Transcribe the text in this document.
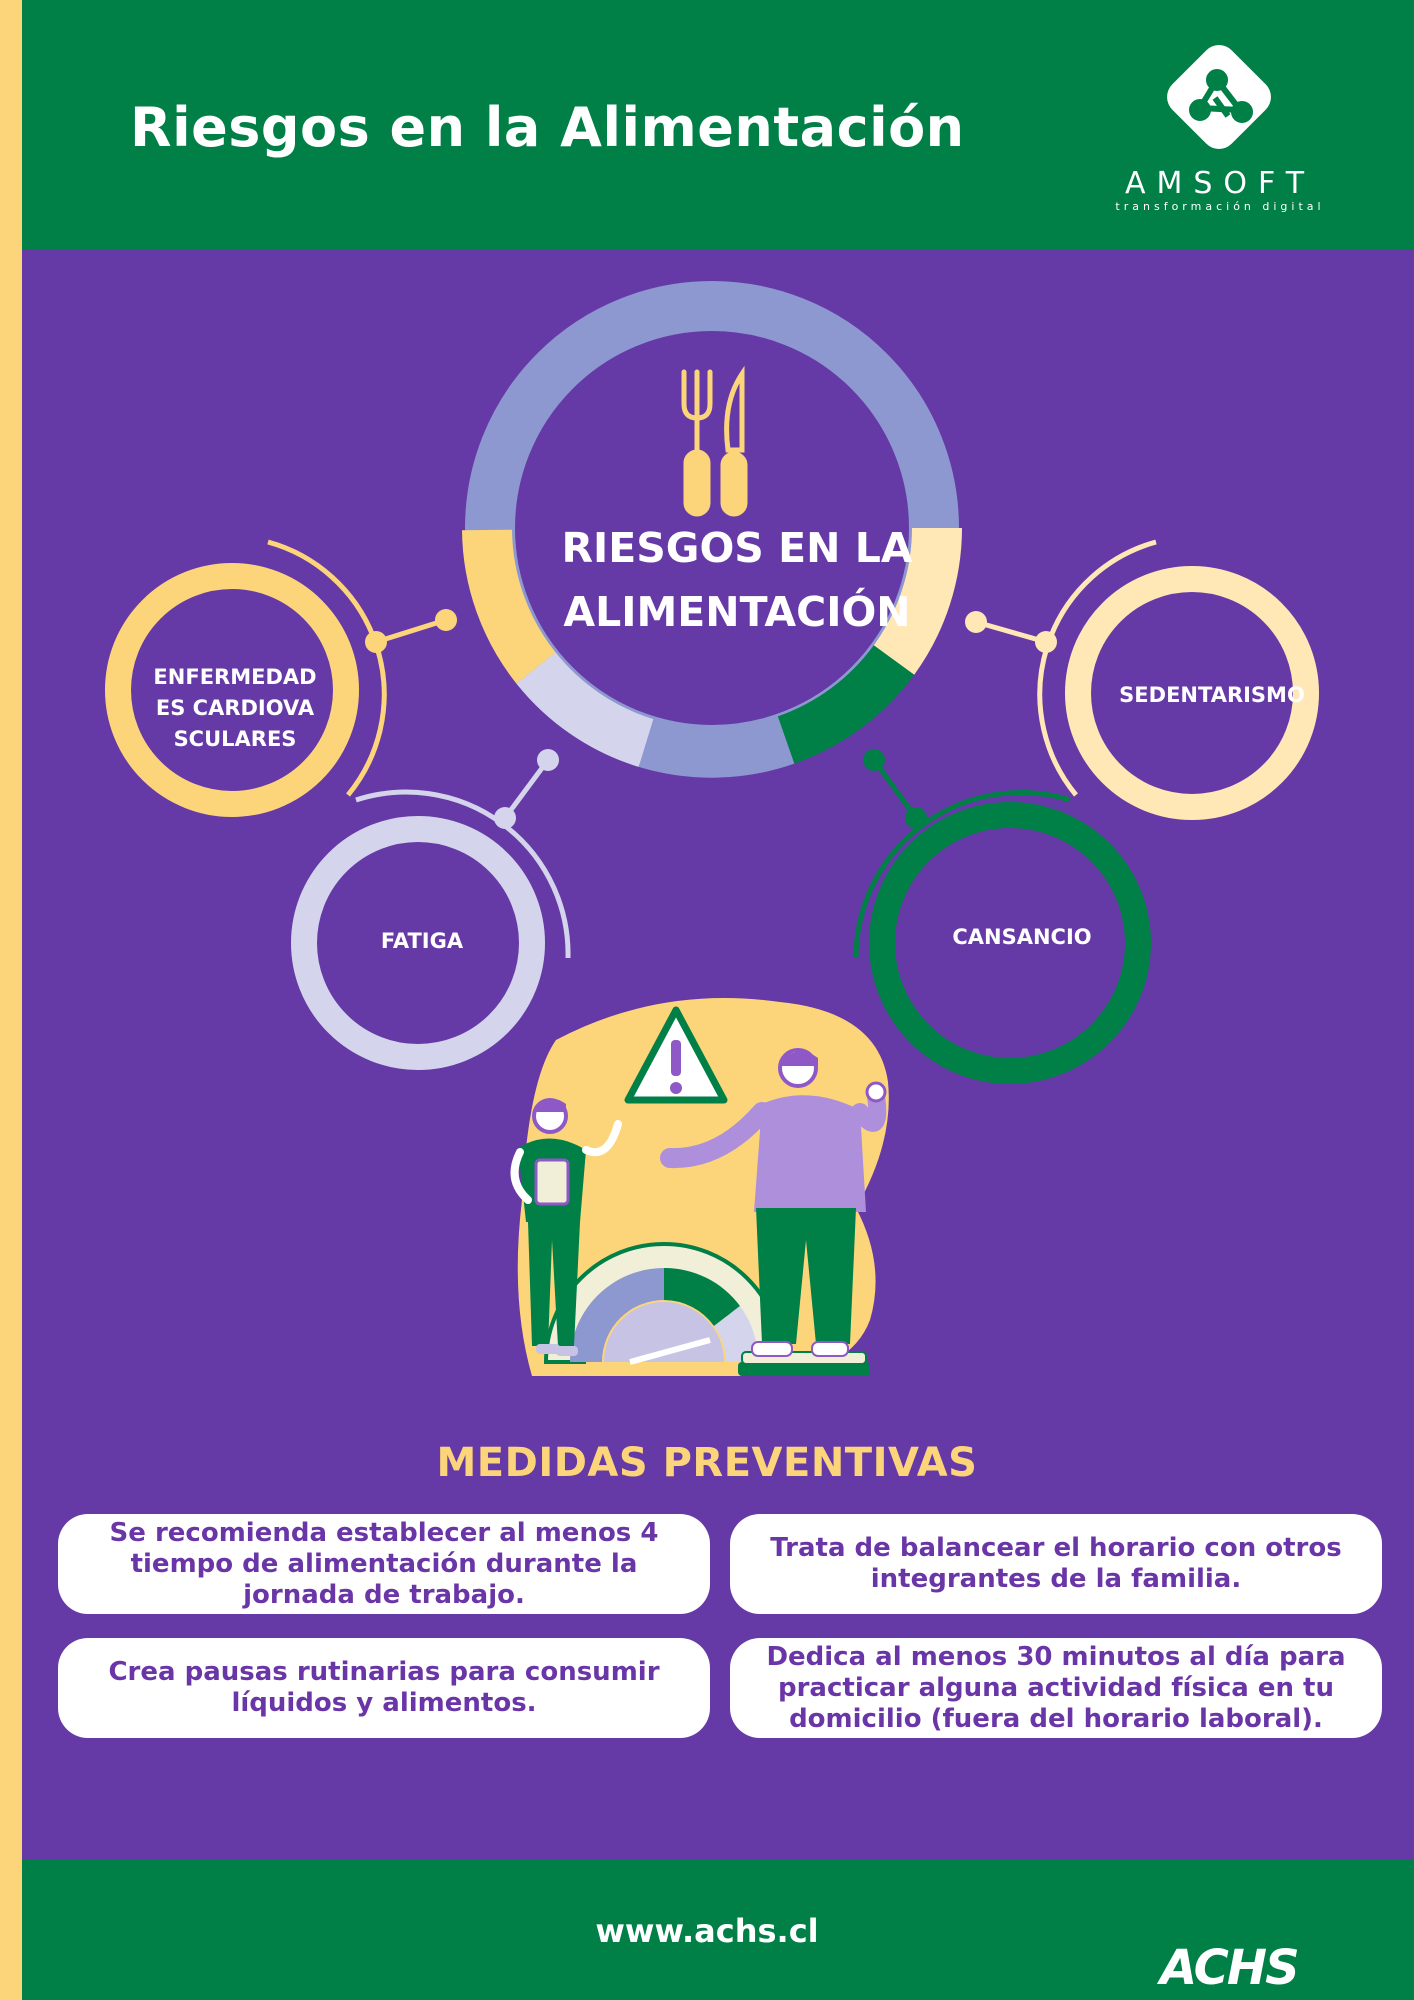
Riesgos en la Alimentación
AMSOFT
transformación digital
RIESGOS EN LA ALIMENTACIÓN
ENFERMEDADES CARDIOVASCULARES
SEDENTARISMO
FATIGA	CANSANCIO
MEDIDAS PREVENTIVAS
Se recomienda establecer al menos 4 tiempo de alimentación durante la jornada de trabajo.
Trata de balancear el horario con otros integrantes de la familia.
Crea pausas rutinarias para consumir líquidos y alimentos.
Dedica al menos 30 minutos al día para practicar alguna actividad física en tu domicilio (fuera del horario laboral).
www.achs.cl
ACHS
